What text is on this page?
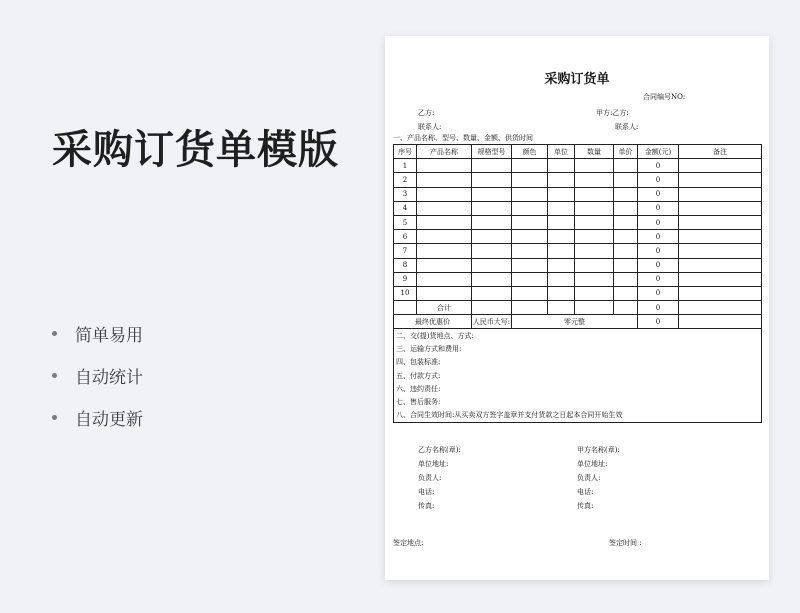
采购订货单模版
简单易用
自动统计
自动更新
采购订货单
合同编号NO:
乙方:	甲方:乙方:
联系人:	联系人:
一、产品名称、型号、数量、金额、供货时间
序号	产品名称	规格型号	颜色	单位	数量	单价	金额(元)	备注
1							0	
2							0	
3							0	
4							0	
5							0	
6							0	
7							0	
8							0	
9							0	
10							0	
	合计						0	
最终优惠价		人民币大写:	零元整				0	
二、交(提)货地点、方式:								
三、运输方式和费用:								
四、包装标准:								
五、付款方式:								
六、违约责任:								
七、售后服务:								
八、合同生效时间:从买卖双方签字盖章并支付货款之日起本合同开始生效								
乙方名称(章):
单位地址:
负责人:
电话:
传真:
甲方名称(章):
单位地址:
负责人:
电话:
传真:
签定地点:	签定时间 :
